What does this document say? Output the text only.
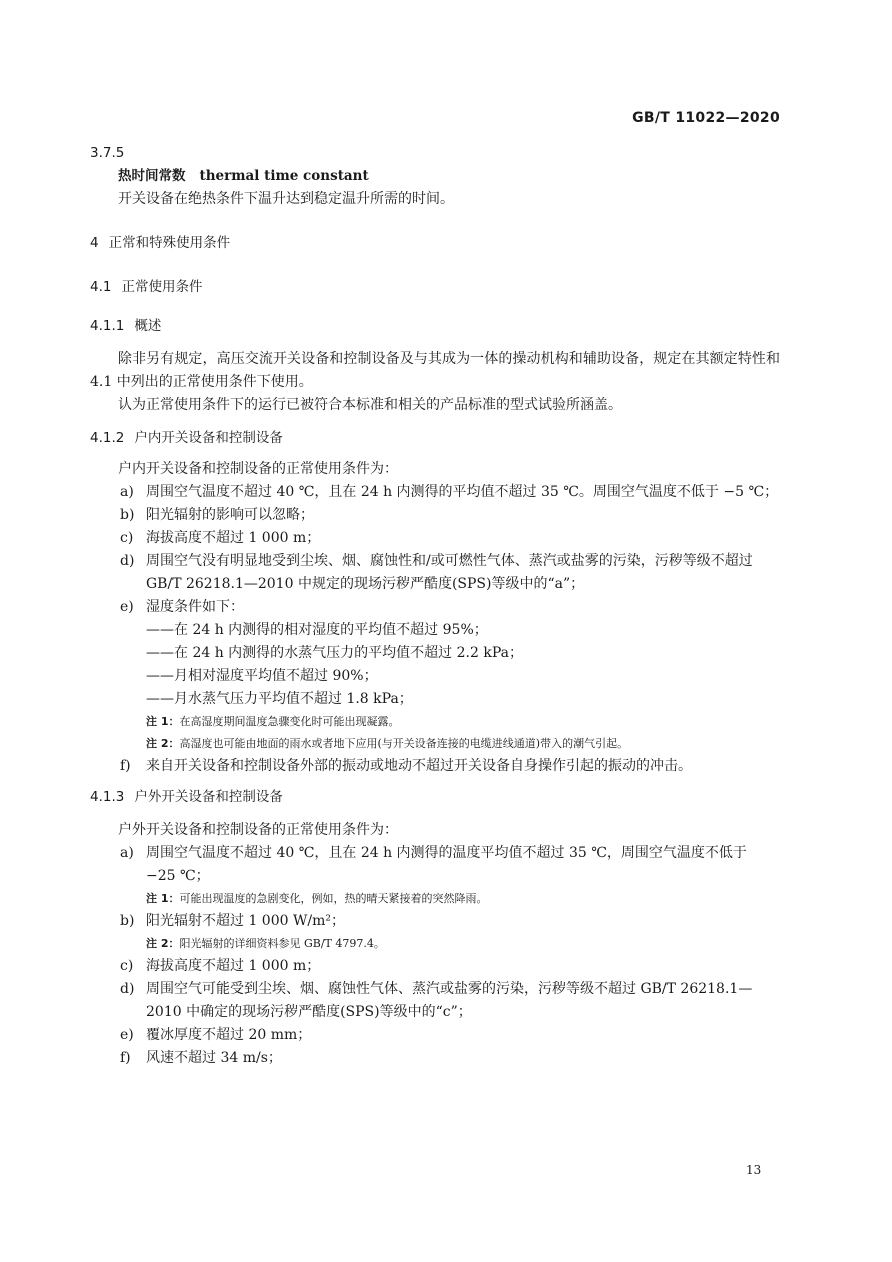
GB/T 11022—2020
3.7.5
热时间常数 thermal time constant
开关设备在绝热条件下温升达到稳定温升所需的时间。
4 正常和特殊使用条件
4.1 正常使用条件
4.1.1 概述
除非另有规定，高压交流开关设备和控制设备及与其成为一体的操动机构和辅助设备，规定在其额定特性和 4.1 中列出的正常使用条件下使用。
认为正常使用条件下的运行已被符合本标准和相关的产品标准的型式试验所涵盖。
4.1.2 户内开关设备和控制设备
户内开关设备和控制设备的正常使用条件为：
a) 周围空气温度不超过 40 ℃，且在 24 h 内测得的平均值不超过 35 ℃。周围空气温度不低于 −5 ℃；
b) 阳光辐射的影响可以忽略；
c) 海拔高度不超过 1 000 m；
d) 周围空气没有明显地受到尘埃、烟、腐蚀性和/或可燃性气体、蒸汽或盐雾的污染，污秽等级不超过 GB/T 26218.1—2010 中规定的现场污秽严酷度(SPS)等级中的“a”；
e) 湿度条件如下：
——在 24 h 内测得的相对湿度的平均值不超过 95%；
——在 24 h 内测得的水蒸气压力的平均值不超过 2.2 kPa；
——月相对湿度平均值不超过 90%；
——月水蒸气压力平均值不超过 1.8 kPa；
注 1：在高湿度期间温度急骤变化时可能出现凝露。
注 2：高湿度也可能由地面的雨水或者地下应用(与开关设备连接的电缆进线通道)带入的潮气引起。
f) 来自开关设备和控制设备外部的振动或地动不超过开关设备自身操作引起的振动的冲击。
4.1.3 户外开关设备和控制设备
户外开关设备和控制设备的正常使用条件为：
a) 周围空气温度不超过 40 ℃，且在 24 h 内测得的温度平均值不超过 35 ℃，周围空气温度不低于 −25 ℃；
注 1：可能出现温度的急剧变化，例如，热的晴天紧接着的突然降雨。
b) 阳光辐射不超过 1 000 W/m²；
注 2：阳光辐射的详细资料参见 GB/T 4797.4。
c) 海拔高度不超过 1 000 m；
d) 周围空气可能受到尘埃、烟、腐蚀性气体、蒸汽或盐雾的污染，污秽等级不超过 GB/T 26218.1—2010 中确定的现场污秽严酷度(SPS)等级中的“c”；
e) 覆冰厚度不超过 20 mm；
f) 风速不超过 34 m/s；
13
